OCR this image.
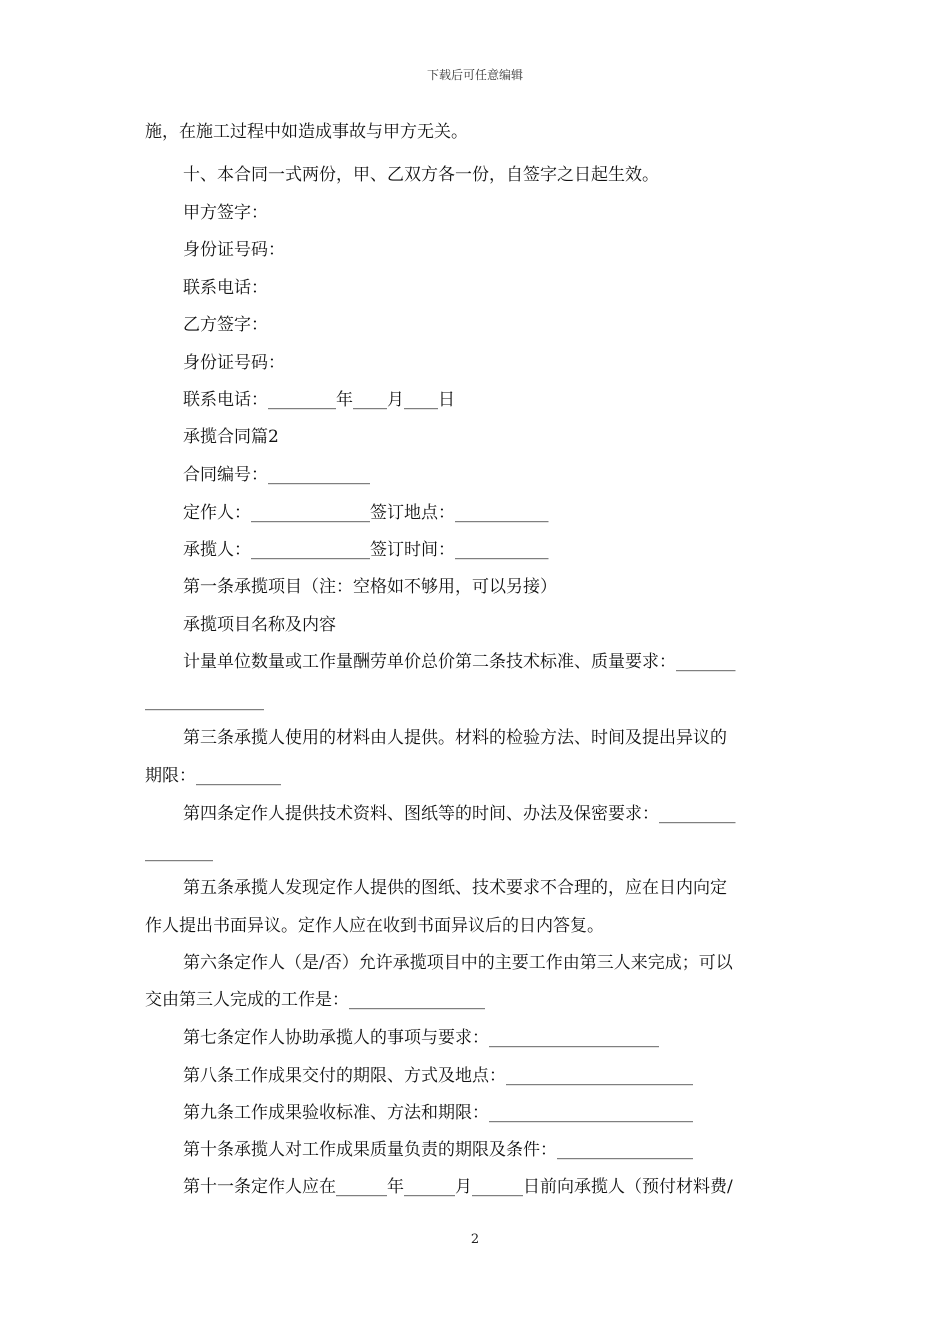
下载后可任意编辑
施，在施工过程中如造成事故与甲方无关。
十、本合同一式两份，甲、乙双方各一份，自签字之日起生效。
甲方签字：
身份证号码：
联系电话：
乙方签字：
身份证号码：
联系电话：________年____月____日
承揽合同篇2
合同编号：____________
定作人：______________签订地点：___________
承揽人：______________签订时间：___________
第一条承揽项目（注：空格如不够用，可以另接）
承揽项目名称及内容
计量单位数量或工作量酬劳单价总价第二条技术标准、质量要求：_______
______________
第三条承揽人使用的材料由人提供。材料的检验方法、时间及提出异议的
期限：__________
第四条定作人提供技术资料、图纸等的时间、办法及保密要求：_________
________
第五条承揽人发现定作人提供的图纸、技术要求不合理的，应在日内向定
作人提出书面异议。定作人应在收到书面异议后的日内答复。
第六条定作人（是/否）允许承揽项目中的主要工作由第三人来完成；可以
交由第三人完成的工作是：________________
第七条定作人协助承揽人的事项与要求：____________________
第八条工作成果交付的期限、方式及地点：______________________
第九条工作成果验收标准、方法和期限：________________________
第十条承揽人对工作成果质量负责的期限及条件：________________
第十一条定作人应在______年______月______日前向承揽人（预付材料费/
2
